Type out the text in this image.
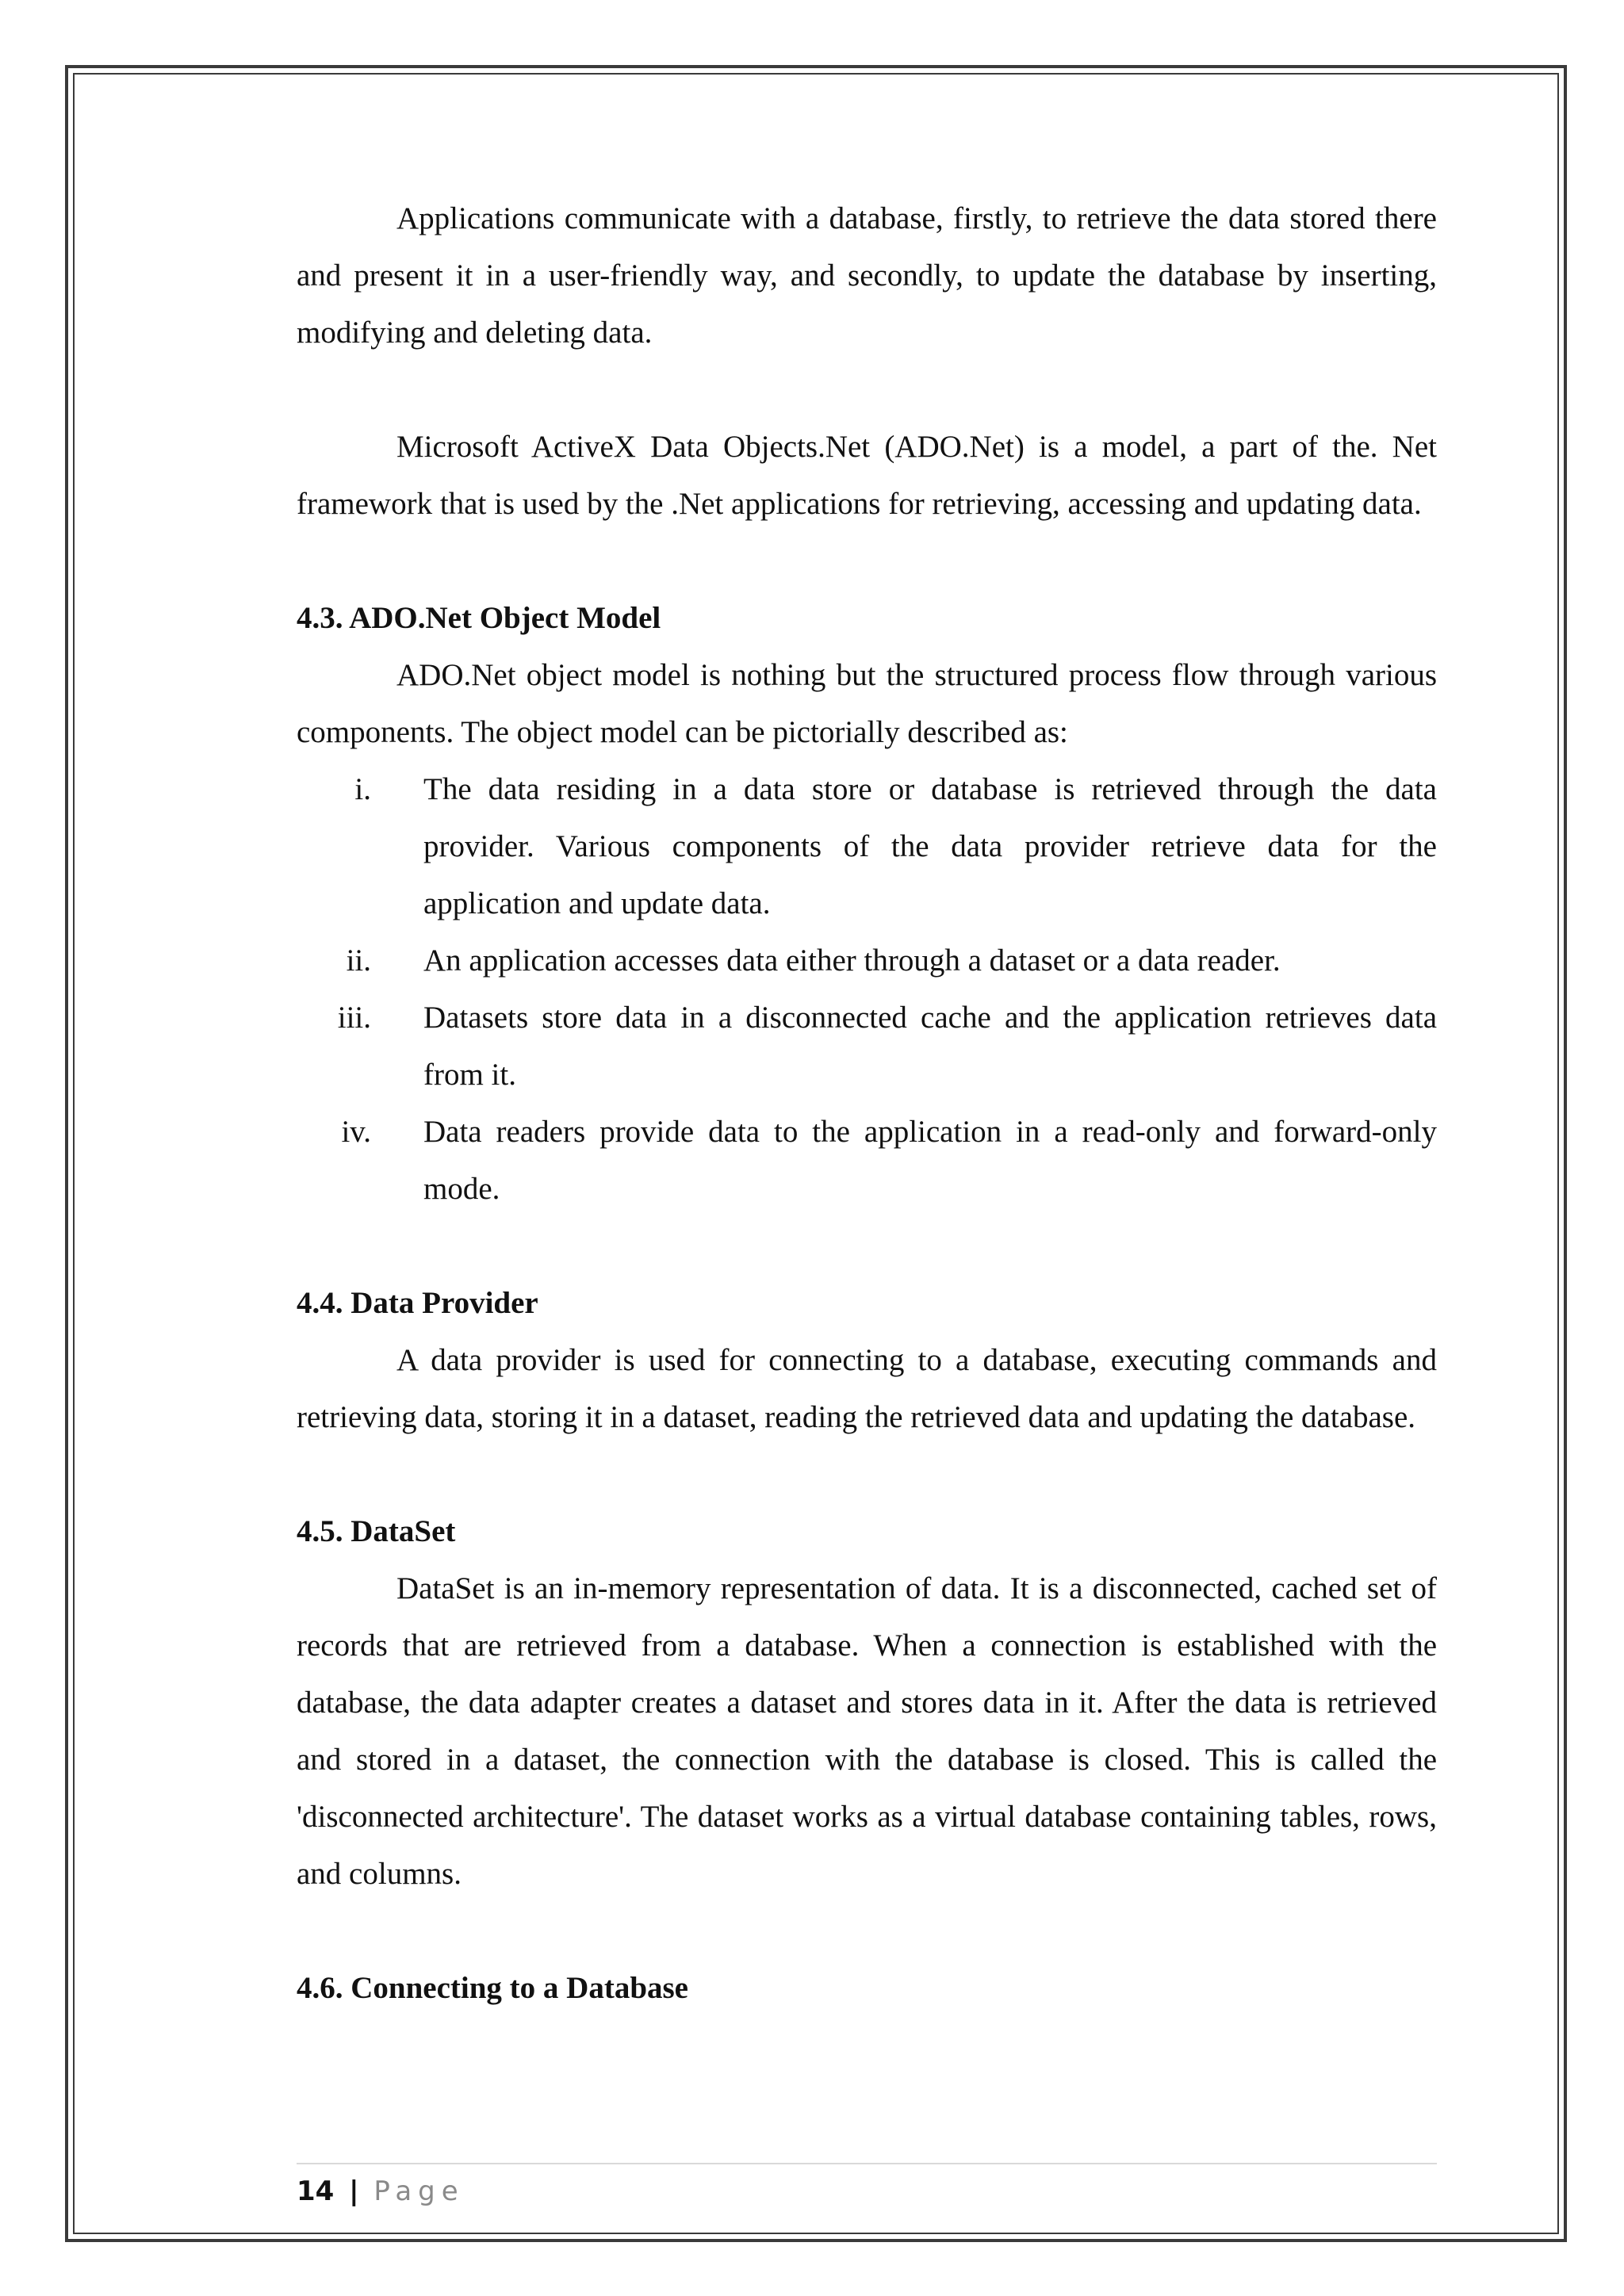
Applications communicate with a database, firstly, to retrieve the data stored there and present it in a user-friendly way, and secondly, to update the database by inserting, modifying and deleting data.

Microsoft ActiveX Data Objects.Net (ADO.Net) is a model, a part of the. Net framework that is used by the .Net applications for retrieving, accessing and updating data.

4.3. ADO.Net Object Model

ADO.Net object model is nothing but the structured process flow through various components. The object model can be pictorially described as:

i. The data residing in a data store or database is retrieved through the data provider. Various components of the data provider retrieve data for the application and update data.
ii. An application accesses data either through a dataset or a data reader.
iii. Datasets store data in a disconnected cache and the application retrieves data from it.
iv. Data readers provide data to the application in a read-only and forward-only mode.
4.4. Data Provider

A data provider is used for connecting to a database, executing commands and retrieving data, storing it in a dataset, reading the retrieved data and updating the database.

4.5. DataSet

DataSet is an in-memory representation of data. It is a disconnected, cached set of records that are retrieved from a database. When a connection is established with the database, the data adapter creates a dataset and stores data in it. After the data is retrieved and stored in a dataset, the connection with the database is closed. This is called the 'disconnected architecture'. The dataset works as a virtual database containing tables, rows, and columns.

4.6. Connecting to a Database
14 | Page
